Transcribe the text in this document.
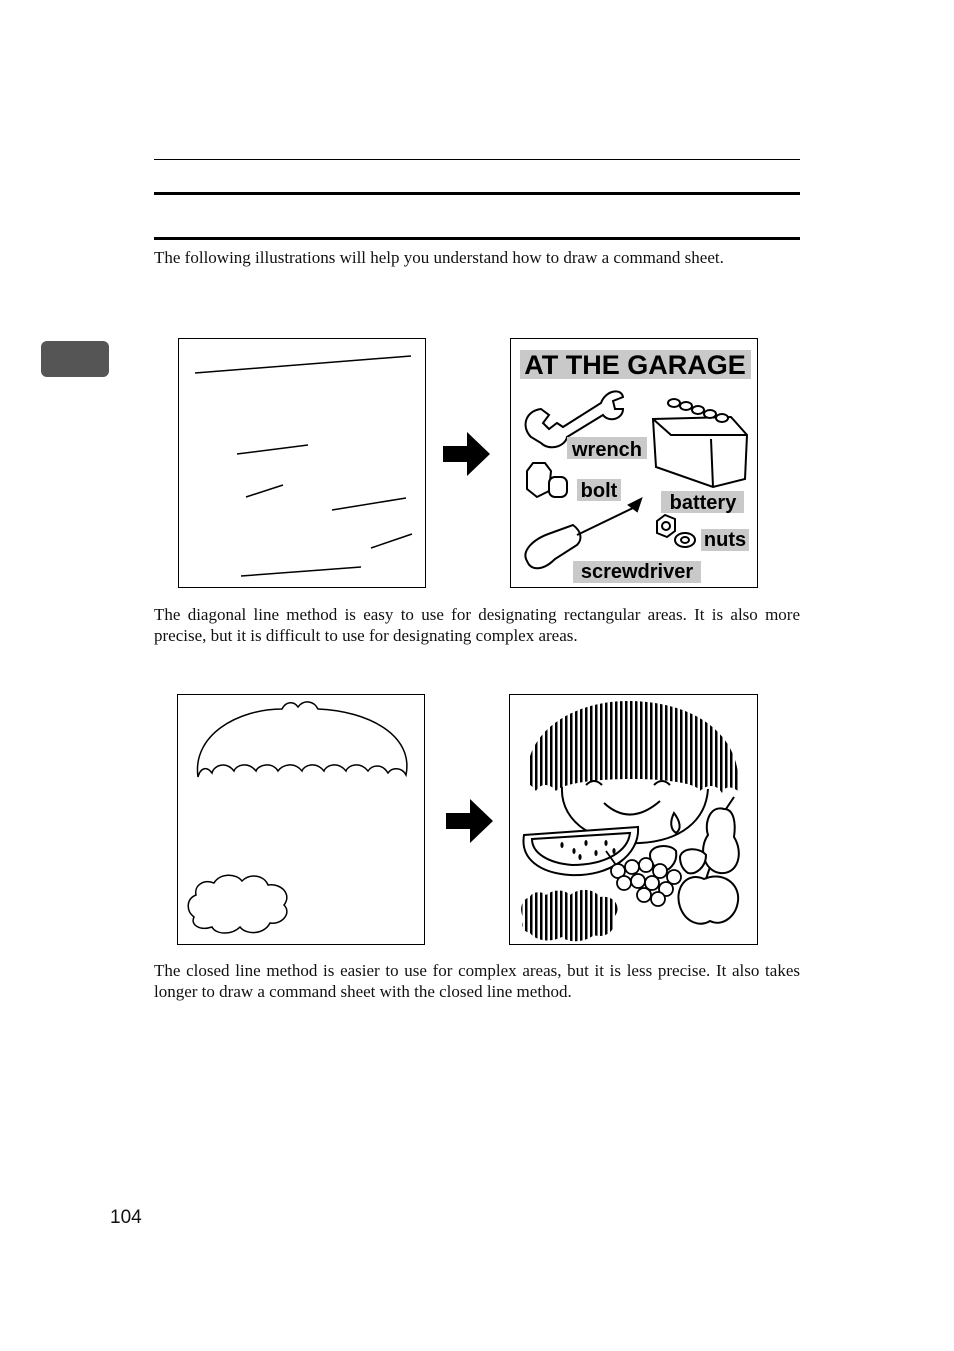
The following illustrations will help you understand how to draw a command sheet.

AT THE GARAGE
wrench
bolt
battery
nuts
screwdriver

The diagonal line method is easy to use for designating rectangular areas. It is also more precise, but it is difficult to use for designating complex areas.

The closed line method is easier to use for complex areas, but it is less precise. It also takes longer to draw a command sheet with the closed line method.

104
